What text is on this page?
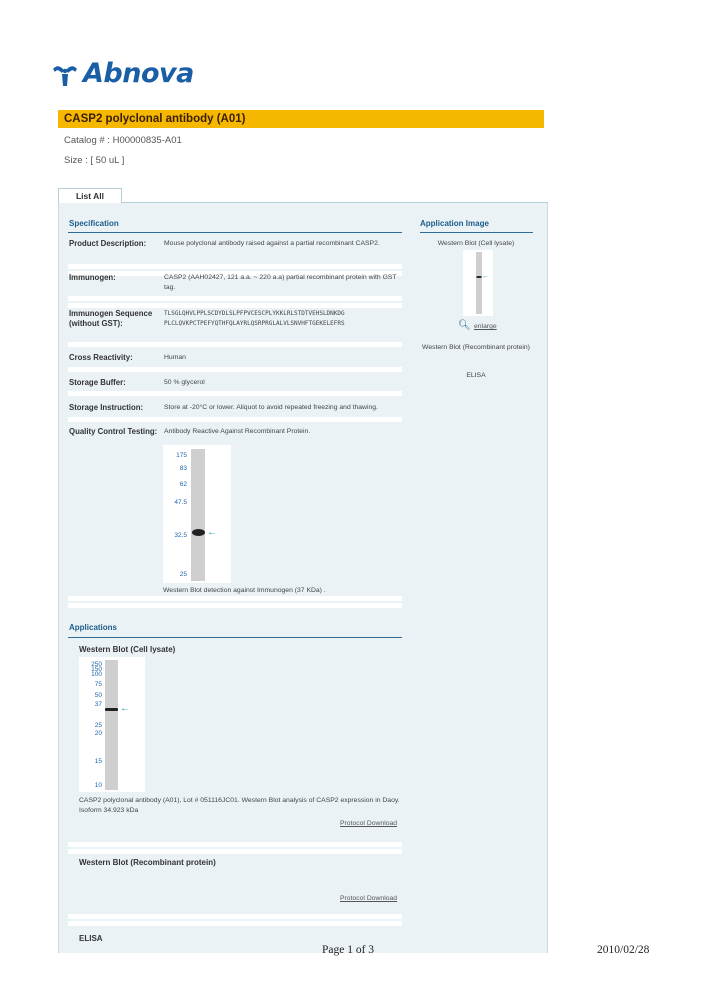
Abnova
CASP2 polyclonal antibody (A01)
Catalog # : H00000835-A01
Size : [ 50 uL ]
List All
Specification
Product Description:	Mouse polyclonal antibody raised against a partial recombinant CASP2.
Immunogen:	CASP2 (AAH02427, 121 a.a. ~ 220 a.a) partial recombinant protein with GST tag.
Immunogen Sequence (without GST):
TLSGLQHVLPPLSCDYDLSLPFPVCESCPLYKKLRLSTDTVEHSLDNKDG PLCLQVKPCTPEFYQTHFQLAYRLQSRPRGLALVLSNVHFTGEKELEFRS
Cross Reactivity:	Human
Storage Buffer:	50 % glycerol
Storage Instruction:	Store at -20°C or lower. Aliquot to avoid repeated freezing and thawing.
Quality Control Testing: Antibody Reactive Against Recombinant Protein.
175
83
62
47.5
32.5
25
←
Western Blot detection against Immunogen (37 KDa) .
Application Image
Western Blot (Cell lysate)
←
🔍︎ enlarge
Western Blot (Recombinant protein)
ELISA
Applications
Western Blot (Cell lysate)
250
150
100
75
50
37
25
20
15
10
←
CASP2 polyclonal antibody (A01), Lot # 051116JC01. Western Blot analysis of CASP2 expression in Daoy. Isoform 34.923 kDa
Protocol Download
Western Blot (Recombinant protein)
Protocol Download
ELISA
Page 1 of 3	2010/02/28
